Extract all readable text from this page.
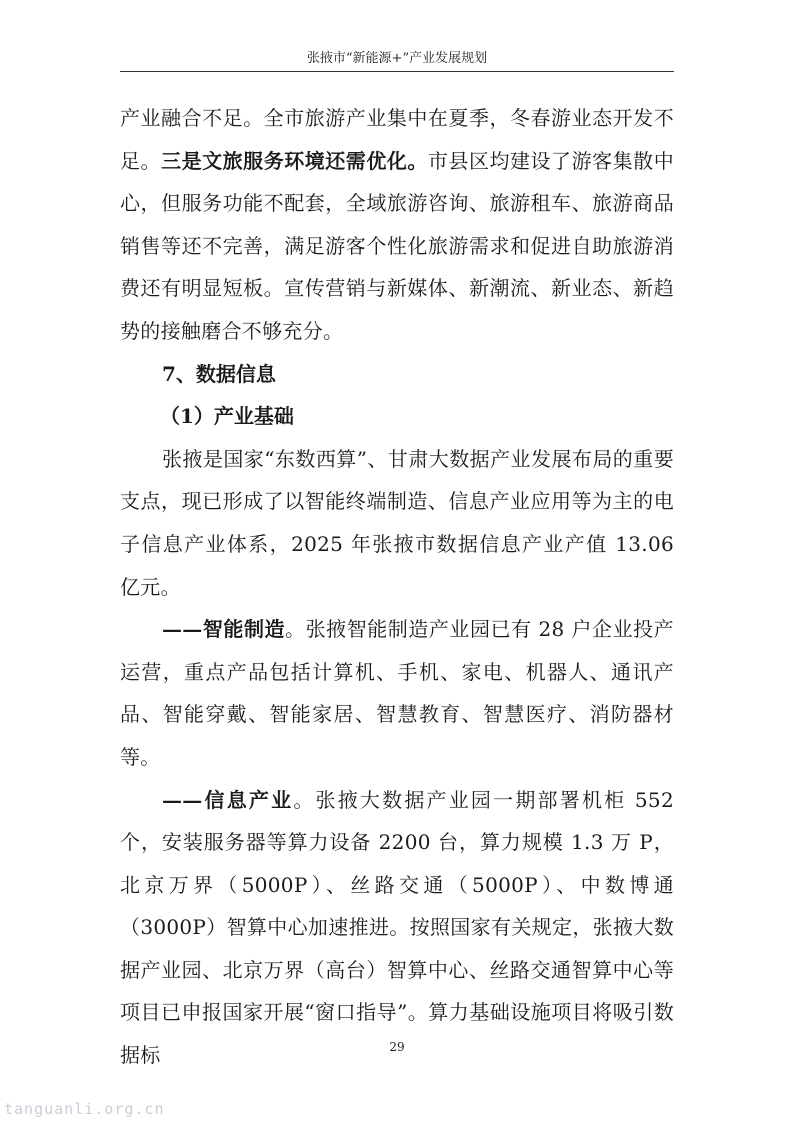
张掖市“新能源+”产业发展规划

产业融合不足。全市旅游产业集中在夏季，冬春游业态开发不足。三是文旅服务环境还需优化。市县区均建设了游客集散中心，但服务功能不配套，全域旅游咨询、旅游租车、旅游商品销售等还不完善，满足游客个性化旅游需求和促进自助旅游消费还有明显短板。宣传营销与新媒体、新潮流、新业态、新趋势的接触磨合不够充分。

7、数据信息

（1）产业基础

张掖是国家“东数西算”、甘肃大数据产业发展布局的重要支点，现已形成了以智能终端制造、信息产业应用等为主的电子信息产业体系，2025 年张掖市数据信息产业产值 13.06 亿元。

——智能制造。张掖智能制造产业园已有 28 户企业投产运营，重点产品包括计算机、手机、家电、机器人、通讯产品、智能穿戴、智能家居、智慧教育、智慧医疗、消防器材等。

——信息产业。张掖大数据产业园一期部署机柜 552 个，安装服务器等算力设备 2200 台，算力规模 1.3 万 P，北京万界（5000P）、丝路交通（5000P）、中数博通（3000P）智算中心加速推进。按照国家有关规定，张掖大数据产业园、北京万界（高台）智算中心、丝路交通智算中心等项目已申报国家开展“窗口指导”。算力基础设施项目将吸引数据标	29
tanguanli.org.cn
